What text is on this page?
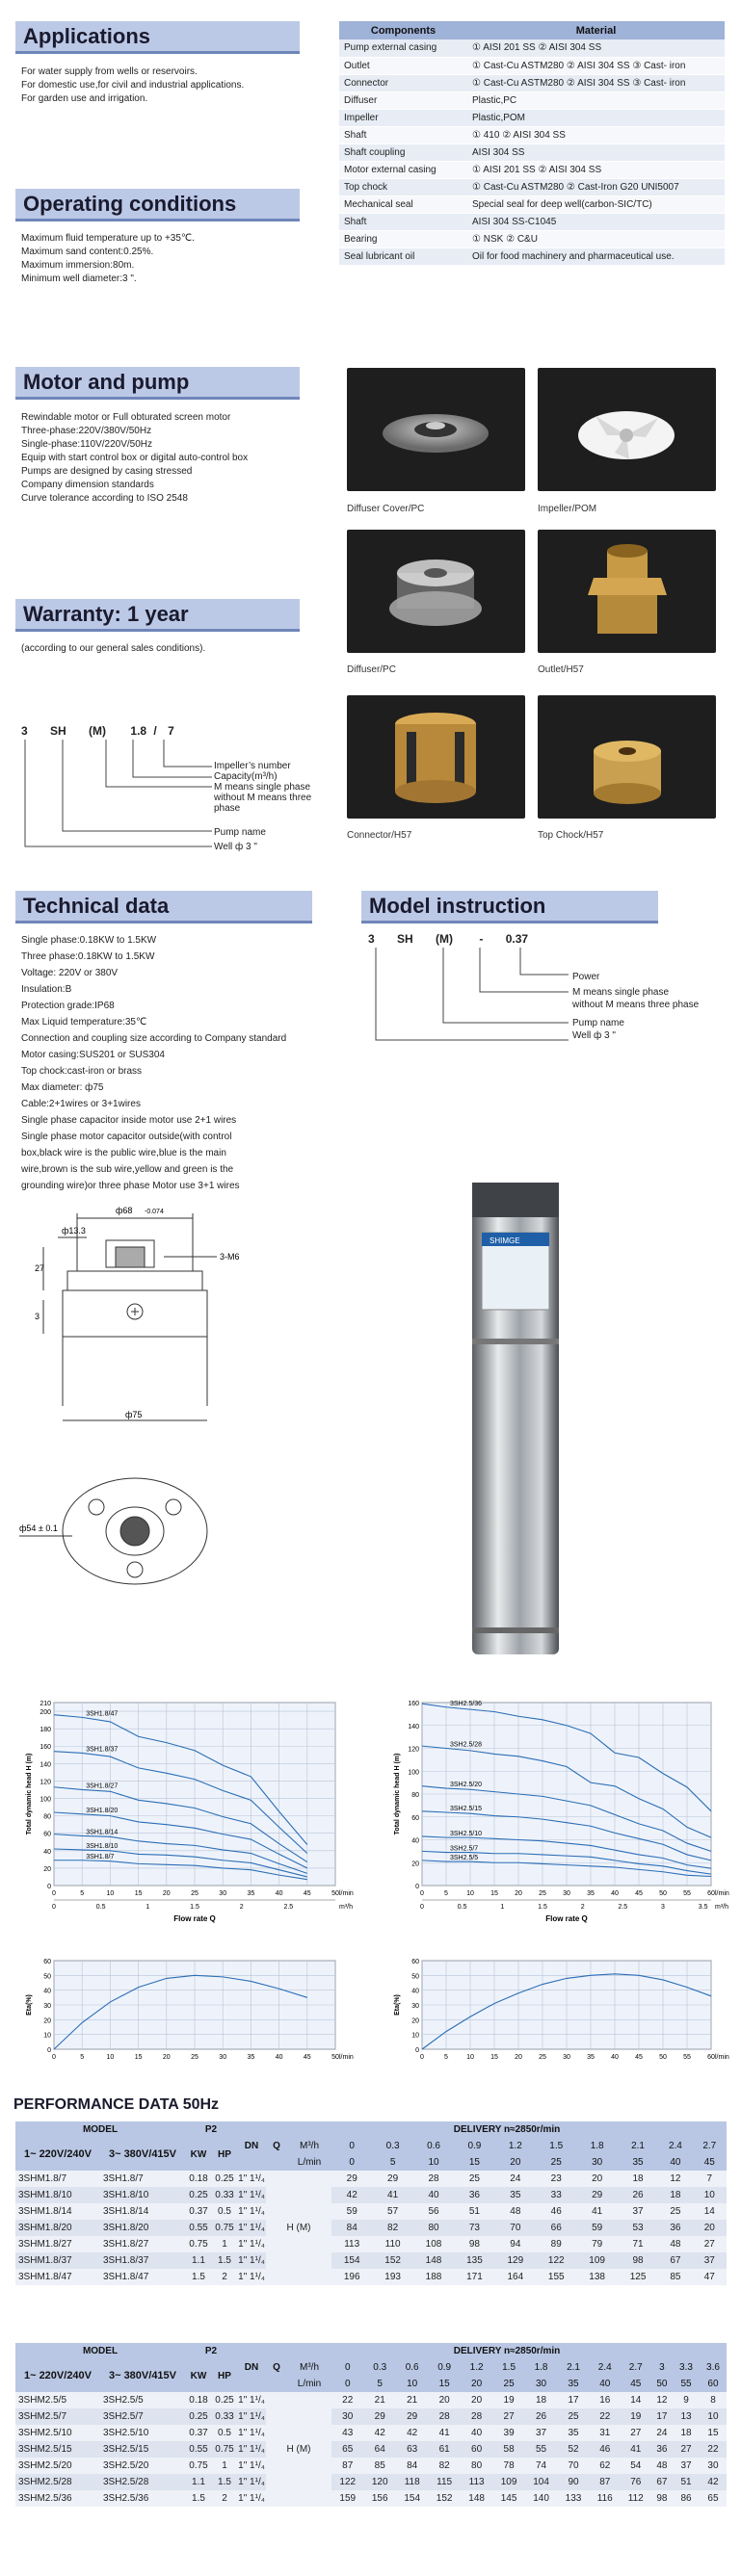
Applications

For water supply from wells or reservoirs.

For domestic use,for civil and industrial applications.

For garden use and irrigation.

Operating conditions

Maximum fluid temperature up to +35℃.

Maximum sand content:0.25%.

Maximum immersion:80m.

Minimum well diameter:3 ".

Components	Material
Pump external casing	① AISI 201 SS ② AISI 304 SS
Outlet	① Cast-Cu ASTM280 ② AISI 304 SS ③ Cast- iron
Connector	① Cast-Cu ASTM280 ② AISI 304 SS ③ Cast- iron
Diffuser	Plastic,PC
Impeller	Plastic,POM
Shaft	① 410 ② AISI 304 SS
Shaft coupling	AISI 304 SS
Motor external casing	① AISI 201 SS ② AISI 304 SS
Top chock	① Cast-Cu ASTM280 ② Cast-Iron G20 UNI5007
Mechanical seal	Special seal for deep well(carbon-SIC/TC)
Shaft	AISI 304 SS-C1045
Bearing	① NSK ② C&U
Seal lubricant oil	Oil for food machinery and pharmaceutical use.
Motor and pump

Rewindable motor or Full obturated screen motor

Three-phase:220V/380V/50Hz

Single-phase:110V/220V/50Hz

Equip with start control box or digital auto-control box

Pumps are designed by casing stressed

Company dimension standards

Curve tolerance according to ISO 2548

Diffuser Cover/PC	Impeller/POM
Diffuser/PC	Outlet/H57
Connector/H57	Top Chock/H57
Warranty: 1 year
(according to our general sales conditions).
3 SH (M) 1.8 / 7
Impeller’s number
Capacity(m³/h)
M means single phase
without M means three
phase
Pump name
Well ф 3 "
Technical data
Single phase:0.18KW to 1.5KW
Three phase:0.18KW to 1.5KW
Voltage: 220V or 380V
Insulation:B
Protection grade:IP68
Max Liquid temperature:35℃
Connection and coupling size according to Company standard
Motor casing:SUS201 or SUS304
Top chock:cast-iron or brass
Max diameter: ф75
Cable:2+1wires or 3+1wires
Single phase capacitor inside motor use 2+1 wires
Single phase motor capacitor outside(with control
box,black wire is the public wire,blue is the main
wire,brown is the sub wire,yellow and green is the
grounding wire)or three phase Motor use 3+1 wires
Model instruction
3 SH (M) - 0.37
Power
M means single phase
without M means three phase
Pump name
Well ф 3 "
ф68 -0.074
ф13.3
3-M6
27
3
ф75
ф54 ± 0.1
SHIMGE
0	5	10	15	20	25	30	35	40	45	50
0
20
40
60
80
100
120
140
160
180
200
210
Total dynamic head H (m)
l/min
0	0.5	1	1.5	2	2.5	m³/h
Flow rate Q
3SH1.8/47
3SH1.8/37
3SH1.8/27
3SH1.8/20
3SH1.8/14
3SH1.8/10
3SH1.8/7
0	5	10 15 20 25 30 35 40 45 50 55 60
0
20
40
60
80
100
120
140
160
Total dynamic head H (m)
l/min
0	0.5	1	1.5	2	2.5	3	3.5 m³/h
Flow rate Q
3SH2.5/36
3SH2.5/28
3SH2.5/20
3SH2.5/15
3SH2.5/10
3SH2.5/7
3SH2.5/5
0	5	10	15	20	25	30	35	40	45	50
0
10
20
30
40
50
60
Eta(%)
l/min	0	5	10 15 20 25 30 35 40 45 50 55 60
0
10
20
30
40
50
60
Eta(%)
l/min
PERFORMANCE DATA 50Hz
MODEL		P2		DN	Q	DELIVERY n≈2850r/min										
1~ 220V/240V	3~ 380V/415V	KW	HP			M³/h	0	0.3	0.6	0.9	1.2	1.5	1.8	2.1	2.4	2.7
						L/min	0	5	10	15	20	25	30	35	40	45
3SHM1.8/7	3SH1.8/7	0.18	0.25	1" 1¹/₄	H (M)		29	29	28	25	24	23	20	18	12	7
3SHM1.8/10	3SH1.8/10	0.25	0.33	1" 1¹/₄			42	41	40	36	35	33	29	26	18	10
3SHM1.8/14	3SH1.8/14	0.37	0.5	1" 1¹/₄			59	57	56	51	48	46	41	37	25	14
3SHM1.8/20	3SH1.8/20	0.55	0.75	1" 1¹/₄			84	82	80	73	70	66	59	53	36	20
3SHM1.8/27	3SH1.8/27	0.75	1	1" 1¹/₄			113	110	108	98	94	89	79	71	48	27
3SHM1.8/37	3SH1.8/37	1.1	1.5	1" 1¹/₄			154	152	148	135	129	122	109	98	67	37
3SHM1.8/47	3SH1.8/47	1.5	2	1" 1¹/₄			196	193	188	171	164	155	138	125	85	47
MODEL		P2		DN	Q	DELIVERY n≈2850r/min													
1~ 220V/240V	3~ 380V/415V	KW	HP			M³/h	0	0.3	0.6	0.9	1.2	1.5	1.8	2.1	2.4	2.7	3	3.3	3.6
						L/min	0	5	10	15	20	25	30	35	40	45	50	55	60
3SHM2.5/5	3SH2.5/5	0.18	0.25	1" 1¹/₄	H (M)		22	21	21	20	20	19	18	17	16	14	12	9	8
3SHM2.5/7	3SH2.5/7	0.25	0.33	1" 1¹/₄			30	29	29	28	28	27	26	25	22	19	17	13	10
3SHM2.5/10	3SH2.5/10	0.37	0.5	1" 1¹/₄			43	42	42	41	40	39	37	35	31	27	24	18	15
3SHM2.5/15	3SH2.5/15	0.55	0.75	1" 1¹/₄			65	64	63	61	60	58	55	52	46	41	36	27	22
3SHM2.5/20	3SH2.5/20	0.75	1	1" 1¹/₄			87	85	84	82	80	78	74	70	62	54	48	37	30
3SHM2.5/28	3SH2.5/28	1.1	1.5	1" 1¹/₄			122	120	118	115	113	109	104	90	87	76	67	51	42
3SHM2.5/36	3SH2.5/36	1.5	2	1" 1¹/₄			159	156	154	152	148	145	140	133	116	112	98	86	65
